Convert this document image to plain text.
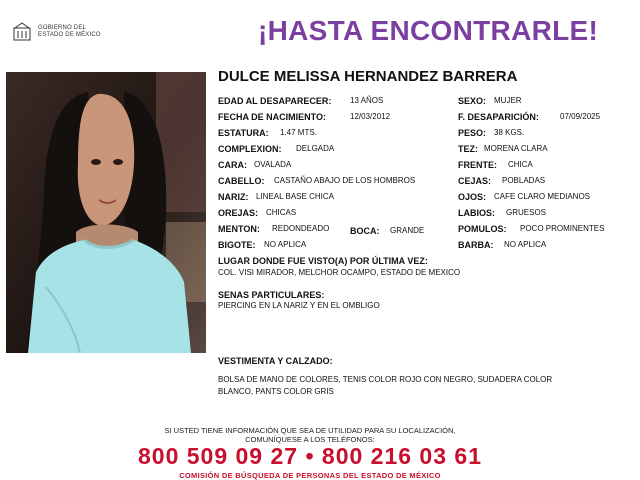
GOBIERNO DEL
ESTADO DE MÉXICO	¡HASTA ENCONTRARLE!
DULCE MELISSA HERNANDEZ BARRERA
EDAD AL DESAPARECER: 13 AÑOS
FECHA DE NACIMIENTO:	12/03/2012
ESTATURA: 1.47 MTS.
COMPLEXION: DELGADA
CARA: OVALADA
CABELLO: CASTAÑO ABAJO DE LOS HOMBROS
NARIZ: LINEAL BASE CHICA
OREJAS: CHICAS
MENTON: REDONDEADO BOCA: GRANDE
BIGOTE: NO APLICA
SEXO: MUJER
F. DESAPARICIÓN:	07/09/2025
PESO: 38 KGS.
TEZ: MORENA CLARA
FRENTE: CHICA
CEJAS: POBLADAS
OJOS: CAFE CLARO MEDIANOS
LABIOS: GRUESOS
POMULOS: POCO PROMINENTES
BARBA: NO APLICA
LUGAR DONDE FUE VISTO(A) POR ÚLTIMA VEZ:
COL. VISI MIRADOR, MELCHOR OCAMPO, ESTADO DE MEXICO
SENAS PARTICULARES:
PIERCING EN LA NARIZ Y EN EL OMBLIGO
VESTIMENTA Y CALZADO:
BOLSA DE MANO DE COLORES, TENIS COLOR ROJO CON NEGRO, SUDADERA COLOR
BLANCO, PANTS COLOR GRIS
SI USTED TIENE INFORMACIÓN QUE SEA DE UTILIDAD PARA SU LOCALIZACIÓN,
COMUNÍQUESE A LOS TELÉFONOS:
800 509 09 27 • 800 216 03 61
COMISIÓN DE BÚSQUEDA DE PERSONAS DEL ESTADO DE MÉXICO
